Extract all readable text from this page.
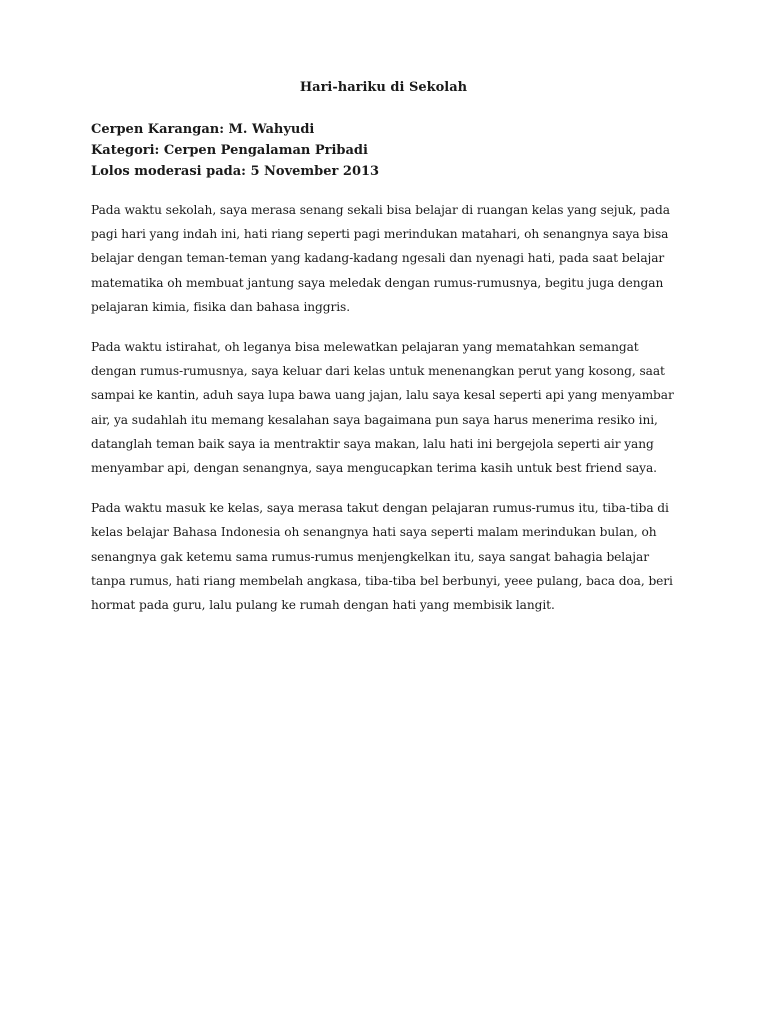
Hari-hariku di Sekolah
Cerpen Karangan: M. Wahyudi
Kategori: Cerpen Pengalaman Pribadi
Lolos moderasi pada: 5 November 2013

Pada waktu sekolah, saya merasa senang sekali bisa belajar di ruangan kelas yang sejuk, pada pagi hari yang indah ini, hati riang seperti pagi merindukan matahari, oh senangnya saya bisa belajar dengan teman-teman yang kadang-kadang ngesali dan nyenagi hati, pada saat belajar matematika oh membuat jantung saya meledak dengan rumus-rumusnya, begitu juga dengan pelajaran kimia, fisika dan bahasa inggris.

Pada waktu istirahat, oh leganya bisa melewatkan pelajaran yang mematahkan semangat dengan rumus-rumusnya, saya keluar dari kelas untuk menenangkan perut yang kosong, saat sampai ke kantin, aduh saya lupa bawa uang jajan, lalu saya kesal seperti api yang menyambar air, ya sudahlah itu memang kesalahan saya bagaimana pun saya harus menerima resiko ini, datanglah teman baik saya ia mentraktir saya makan, lalu hati ini bergejola seperti air yang menyambar api, dengan senangnya, saya mengucapkan terima kasih untuk best friend saya.

Pada waktu masuk ke kelas, saya merasa takut dengan pelajaran rumus-rumus itu, tiba-tiba di kelas belajar Bahasa Indonesia oh senangnya hati saya seperti malam merindukan bulan, oh senangnya gak ketemu sama rumus-rumus menjengkelkan itu, saya sangat bahagia belajar tanpa rumus, hati riang membelah angkasa, tiba-tiba bel berbunyi, yeee pulang, baca doa, beri hormat pada guru, lalu pulang ke rumah dengan hati yang membisik langit.
